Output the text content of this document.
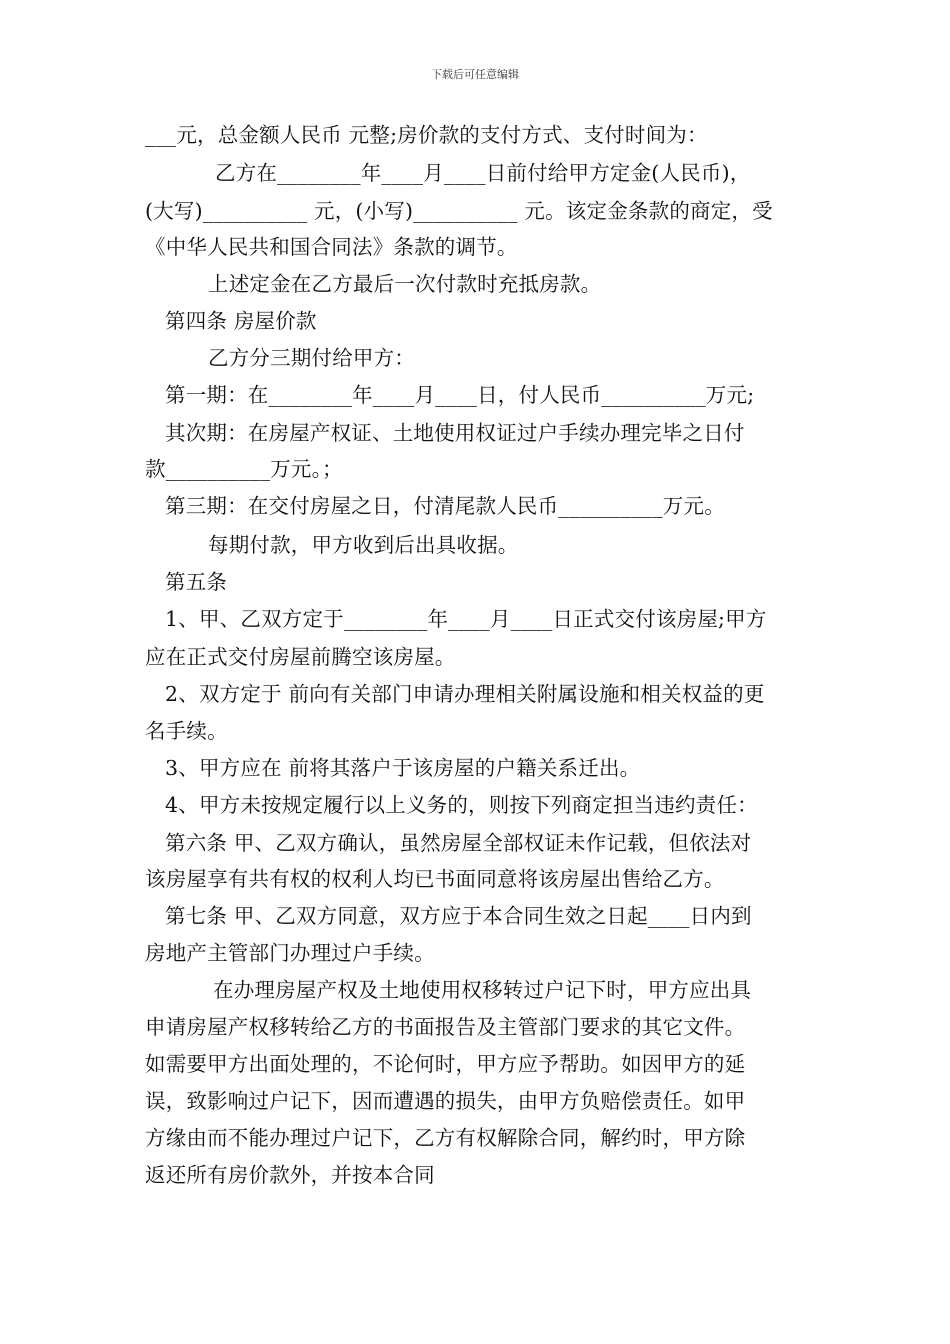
下载后可任意编辑
___元，总金额人民币 元整;房价款的支付方式、支付时间为：
乙方在________年____月____日前付给甲方定金(人民币)，
(大写)__________ 元，(小写)__________ 元。该定金条款的商定，受
《中华人民共和国合同法》条款的调节。
上述定金在乙方最后一次付款时充抵房款。
第四条 房屋价款
乙方分三期付给甲方：
第一期：在________年____月____日，付人民币__________万元;
其次期：在房屋产权证、土地使用权证过户手续办理完毕之日付
款__________万元。；
第三期：在交付房屋之日，付清尾款人民币__________万元。
每期付款，甲方收到后出具收据。
第五条
1、甲、乙双方定于________年____月____日正式交付该房屋;甲方
应在正式交付房屋前腾空该房屋。
2、双方定于 前向有关部门申请办理相关附属设施和相关权益的更
名手续。
3、甲方应在 前将其落户于该房屋的户籍关系迁出。
4、甲方未按规定履行以上义务的，则按下列商定担当违约责任：
第六条 甲、乙双方确认，虽然房屋全部权证未作记载，但依法对
该房屋享有共有权的权利人均已书面同意将该房屋出售给乙方。
第七条 甲、乙双方同意，双方应于本合同生效之日起____日内到
房地产主管部门办理过户手续。
在办理房屋产权及土地使用权移转过户记下时，甲方应出具
申请房屋产权移转给乙方的书面报告及主管部门要求的其它文件。
如需要甲方出面处理的，不论何时，甲方应予帮助。如因甲方的延
误，致影响过户记下，因而遭遇的损失，由甲方负赔偿责任。如甲
方缘由而不能办理过户记下，乙方有权解除合同，解约时，甲方除
返还所有房价款外，并按本合同
